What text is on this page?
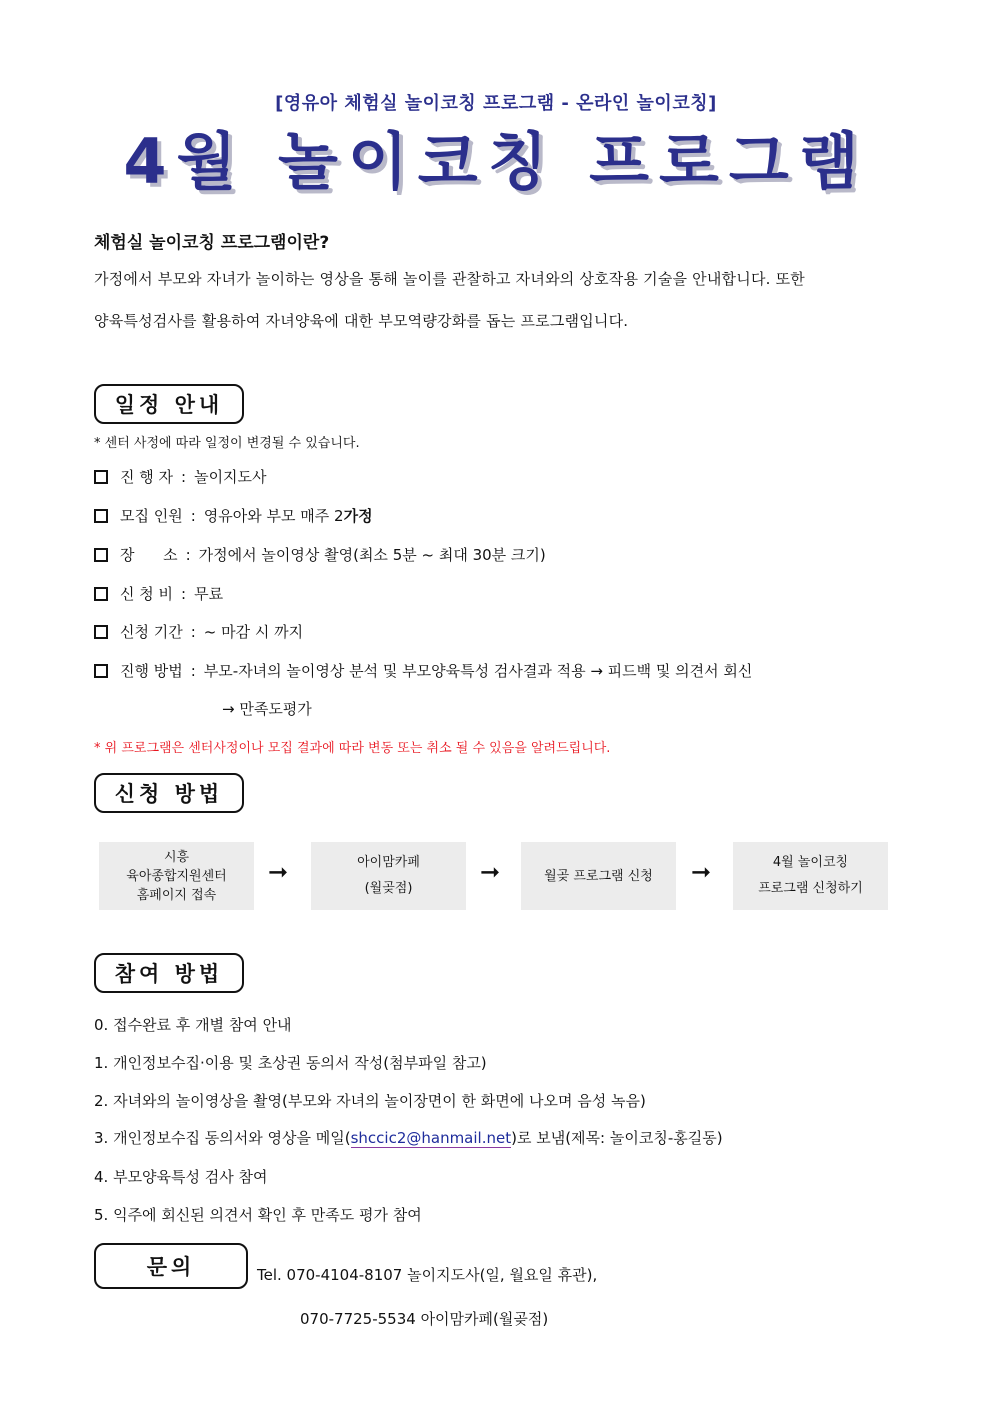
[영유아 체험실 놀이코칭 프로그램 - 온라인 놀이코칭]
4월 놀이코칭 프로그램
체험실 놀이코칭 프로그램이란?
가정에서 부모와 자녀가 놀이하는 영상을 통해 놀이를 관찰하고 자녀와의 상호작용 기술을 안내합니다. 또한
양육특성검사를 활용하여 자녀양육에 대한 부모역량강화를 돕는 프로그램입니다.
일정 안내
* 센터 사정에 따라 일정이 변경될 수 있습니다.
진 행 자 : 놀이지도사
모집 인원 : 영유아와 부모 매주 2 가정
장      소 : 가정에서 놀이영상 촬영(최소 5분 ~ 최대 30분 크기)
신 청 비 : 무료
신청 기간 : ~ 마감 시 까지
진행 방법 : 부모-자녀의 놀이영상 분석 및 부모양육특성 검사결과 적용 → 피드백 및 의견서 회신
→ 만족도평가
* 위 프로그램은 센터사정이나 모집 결과에 따라 변동 또는 취소 될 수 있음을 알려드립니다.
신청 방법
시흥
육아종합지원센터
홈페이지 접속
➞	아이맘카페
(월곶점)
➞	월곶 프로그램 신청 ➞	4월 놀이코칭
프로그램 신청하기
참여 방법
0. 접수완료 후 개별 참여 안내
1. 개인정보수집·이용 및 초상권 동의서 작성(첨부파일 참고)
2. 자녀와의 놀이영상을 촬영(부모와 자녀의 놀이장면이 한 화면에 나오며 음성 녹음)
3. 개인정보수집 동의서와 영상을 메일(shccic2@hanmail.net)로 보냄(제목: 놀이코칭-홍길동)
4. 부모양육특성 검사 참여
5. 익주에 회신된 의견서 확인 후 만족도 평가 참여
문의	Tel. 070-4104-8107 놀이지도사(일, 월요일 휴관),
070-7725-5534 아이맘카페(월곶점)
